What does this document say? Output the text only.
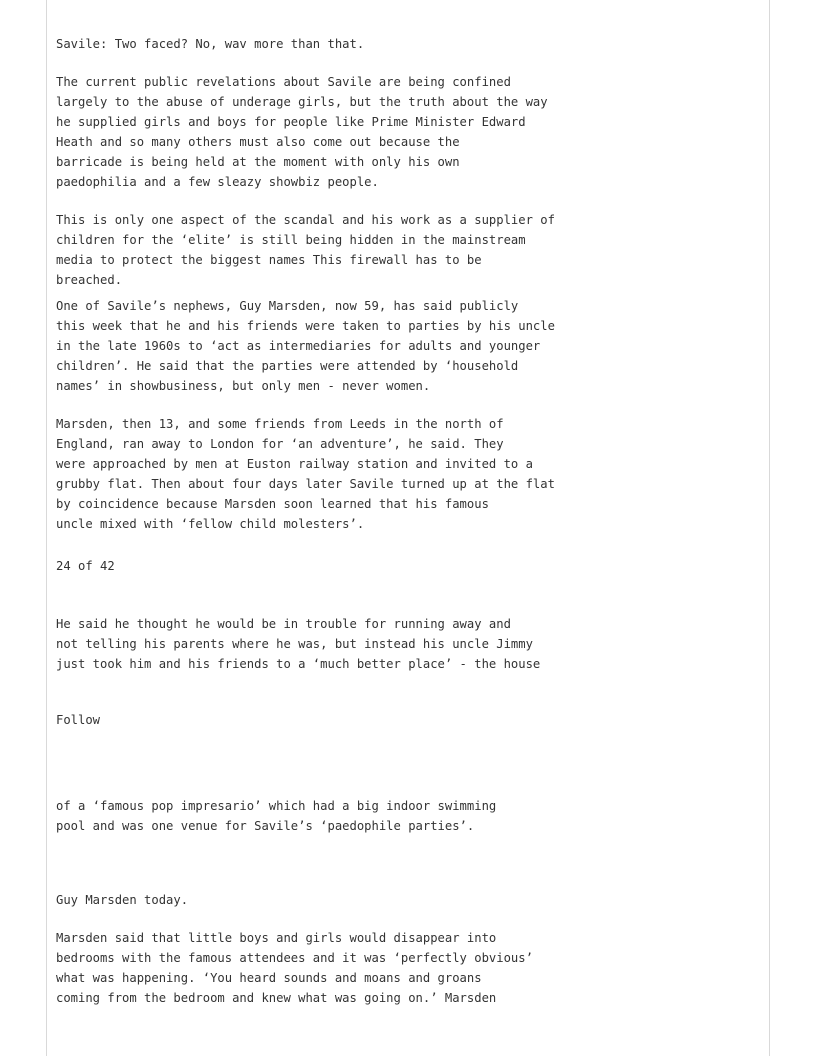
Savile: Two faced? No, wav more than that.

The current public revelations about Savile are being confined

largely to the abuse of underage girls, but the truth about the way

he supplied girls and boys for people like Prime Minister Edward

Heath and so many others must also come out because the

barricade is being held at the moment with only his own

paedophilia and a few sleazy showbiz people.

This is only one aspect of the scandal and his work as a supplier of

children for the ‘elite’ is still being hidden in the mainstream

media to protect the biggest names This firewall has to be

breached.

One of Savile’s nephews, Guy Marsden, now 59, has said publicly

this week that he and his friends were taken to parties by his uncle

in the late 1960s to ‘act as intermediaries for adults and younger

children’. He said that the parties were attended by ‘household

names’ in showbusiness, but only men - never women.

Marsden, then 13, and some friends from Leeds in the north of

England, ran away to London for ‘an adventure’, he said. They

were approached by men at Euston railway station and invited to a

grubby flat. Then about four days later Savile turned up at the flat

by coincidence because Marsden soon learned that his famous

uncle mixed with ‘fellow child molesters’.

24 of 42

He said he thought he would be in trouble for running away and

not telling his parents where he was, but instead his uncle Jimmy

just took him and his friends to a ‘much better place’ - the house

Follow

of a ‘famous pop impresario’ which had a big indoor swimming

pool and was one venue for Savile’s ‘paedophile parties’.

Guy Marsden today.

Marsden said that little boys and girls would disappear into

bedrooms with the famous attendees and it was ‘perfectly obvious’

what was happening. ‘You heard sounds and moans and groans

coming from the bedroom and knew what was going on.’ Marsden
